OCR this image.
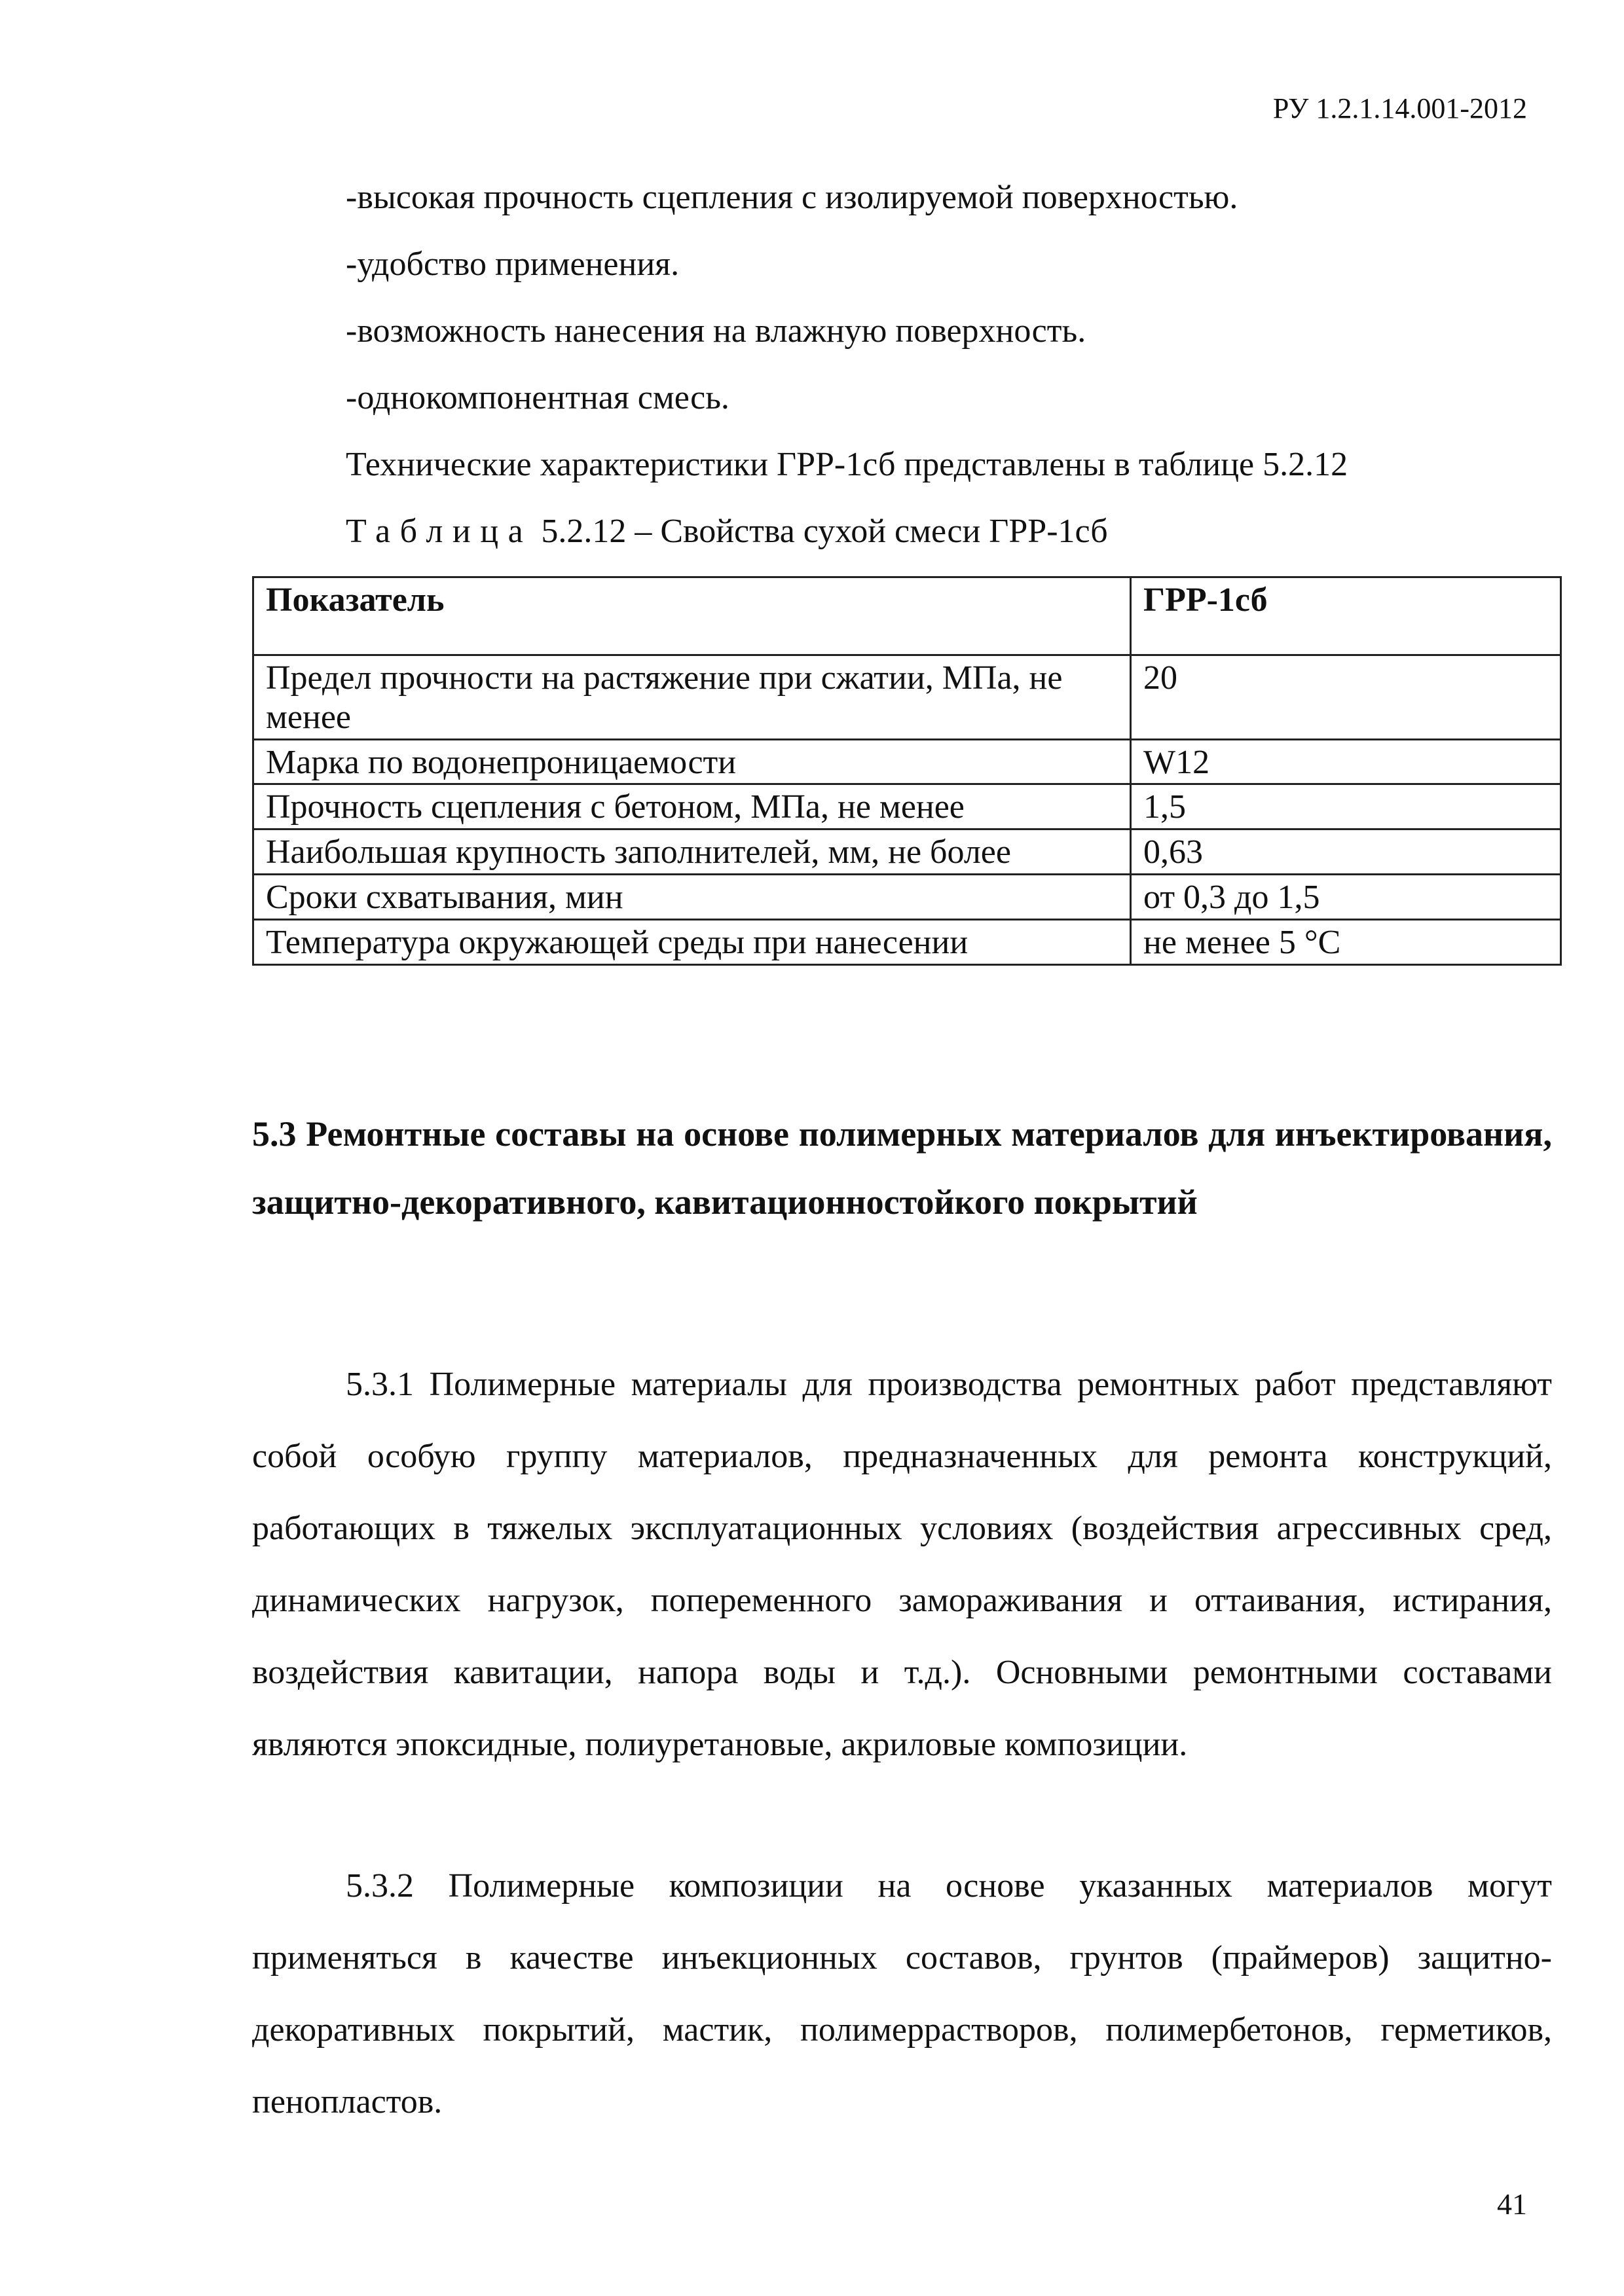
РУ 1.2.1.14.001-2012
-высокая прочность сцепления с изолируемой поверхностью.
-удобство применения.
-возможность нанесения на влажную поверхность.
-однокомпонентная смесь.
Технические характеристики ГРР-1сб представлены в таблице 5.2.12
Таблица 5.2.12 – Свойства сухой смеси ГРР-1сб
Показатель	ГРР-1сб
Предел прочности на растяжение при сжатии, МПа, не менее	20
Марка по водонепроницаемости	W12
Прочность сцепления с бетоном, МПа, не менее	1,5
Наибольшая крупность заполнителей, мм, не более	0,63
Сроки схватывания, мин	от 0,3 до 1,5
Температура окружающей среды при нанесении	не менее 5 °С
5.3 Ремонтные составы на основе полимерных материалов для инъектирования, защитно-декоративного, кавитационностойкого покрытий

5.3.1 Полимерные материалы для производства ремонтных работ представляют собой особую группу материалов, предназначенных для ремонта конструкций, работающих в тяжелых эксплуатационных условиях (воздействия агрессивных сред, динамических нагрузок, попеременного замораживания и оттаивания, истирания, воздействия кавитации, напора воды и т.д.). Основными ремонтными составами являются эпоксидные, полиуретановые, акриловые композиции.

5.3.2 Полимерные композиции на основе указанных материалов могут применяться в качестве инъекционных составов, грунтов (праймеров) защитно-декоративных покрытий, мастик, полимеррастворов, полимербетонов, герметиков, пенопластов.

41
